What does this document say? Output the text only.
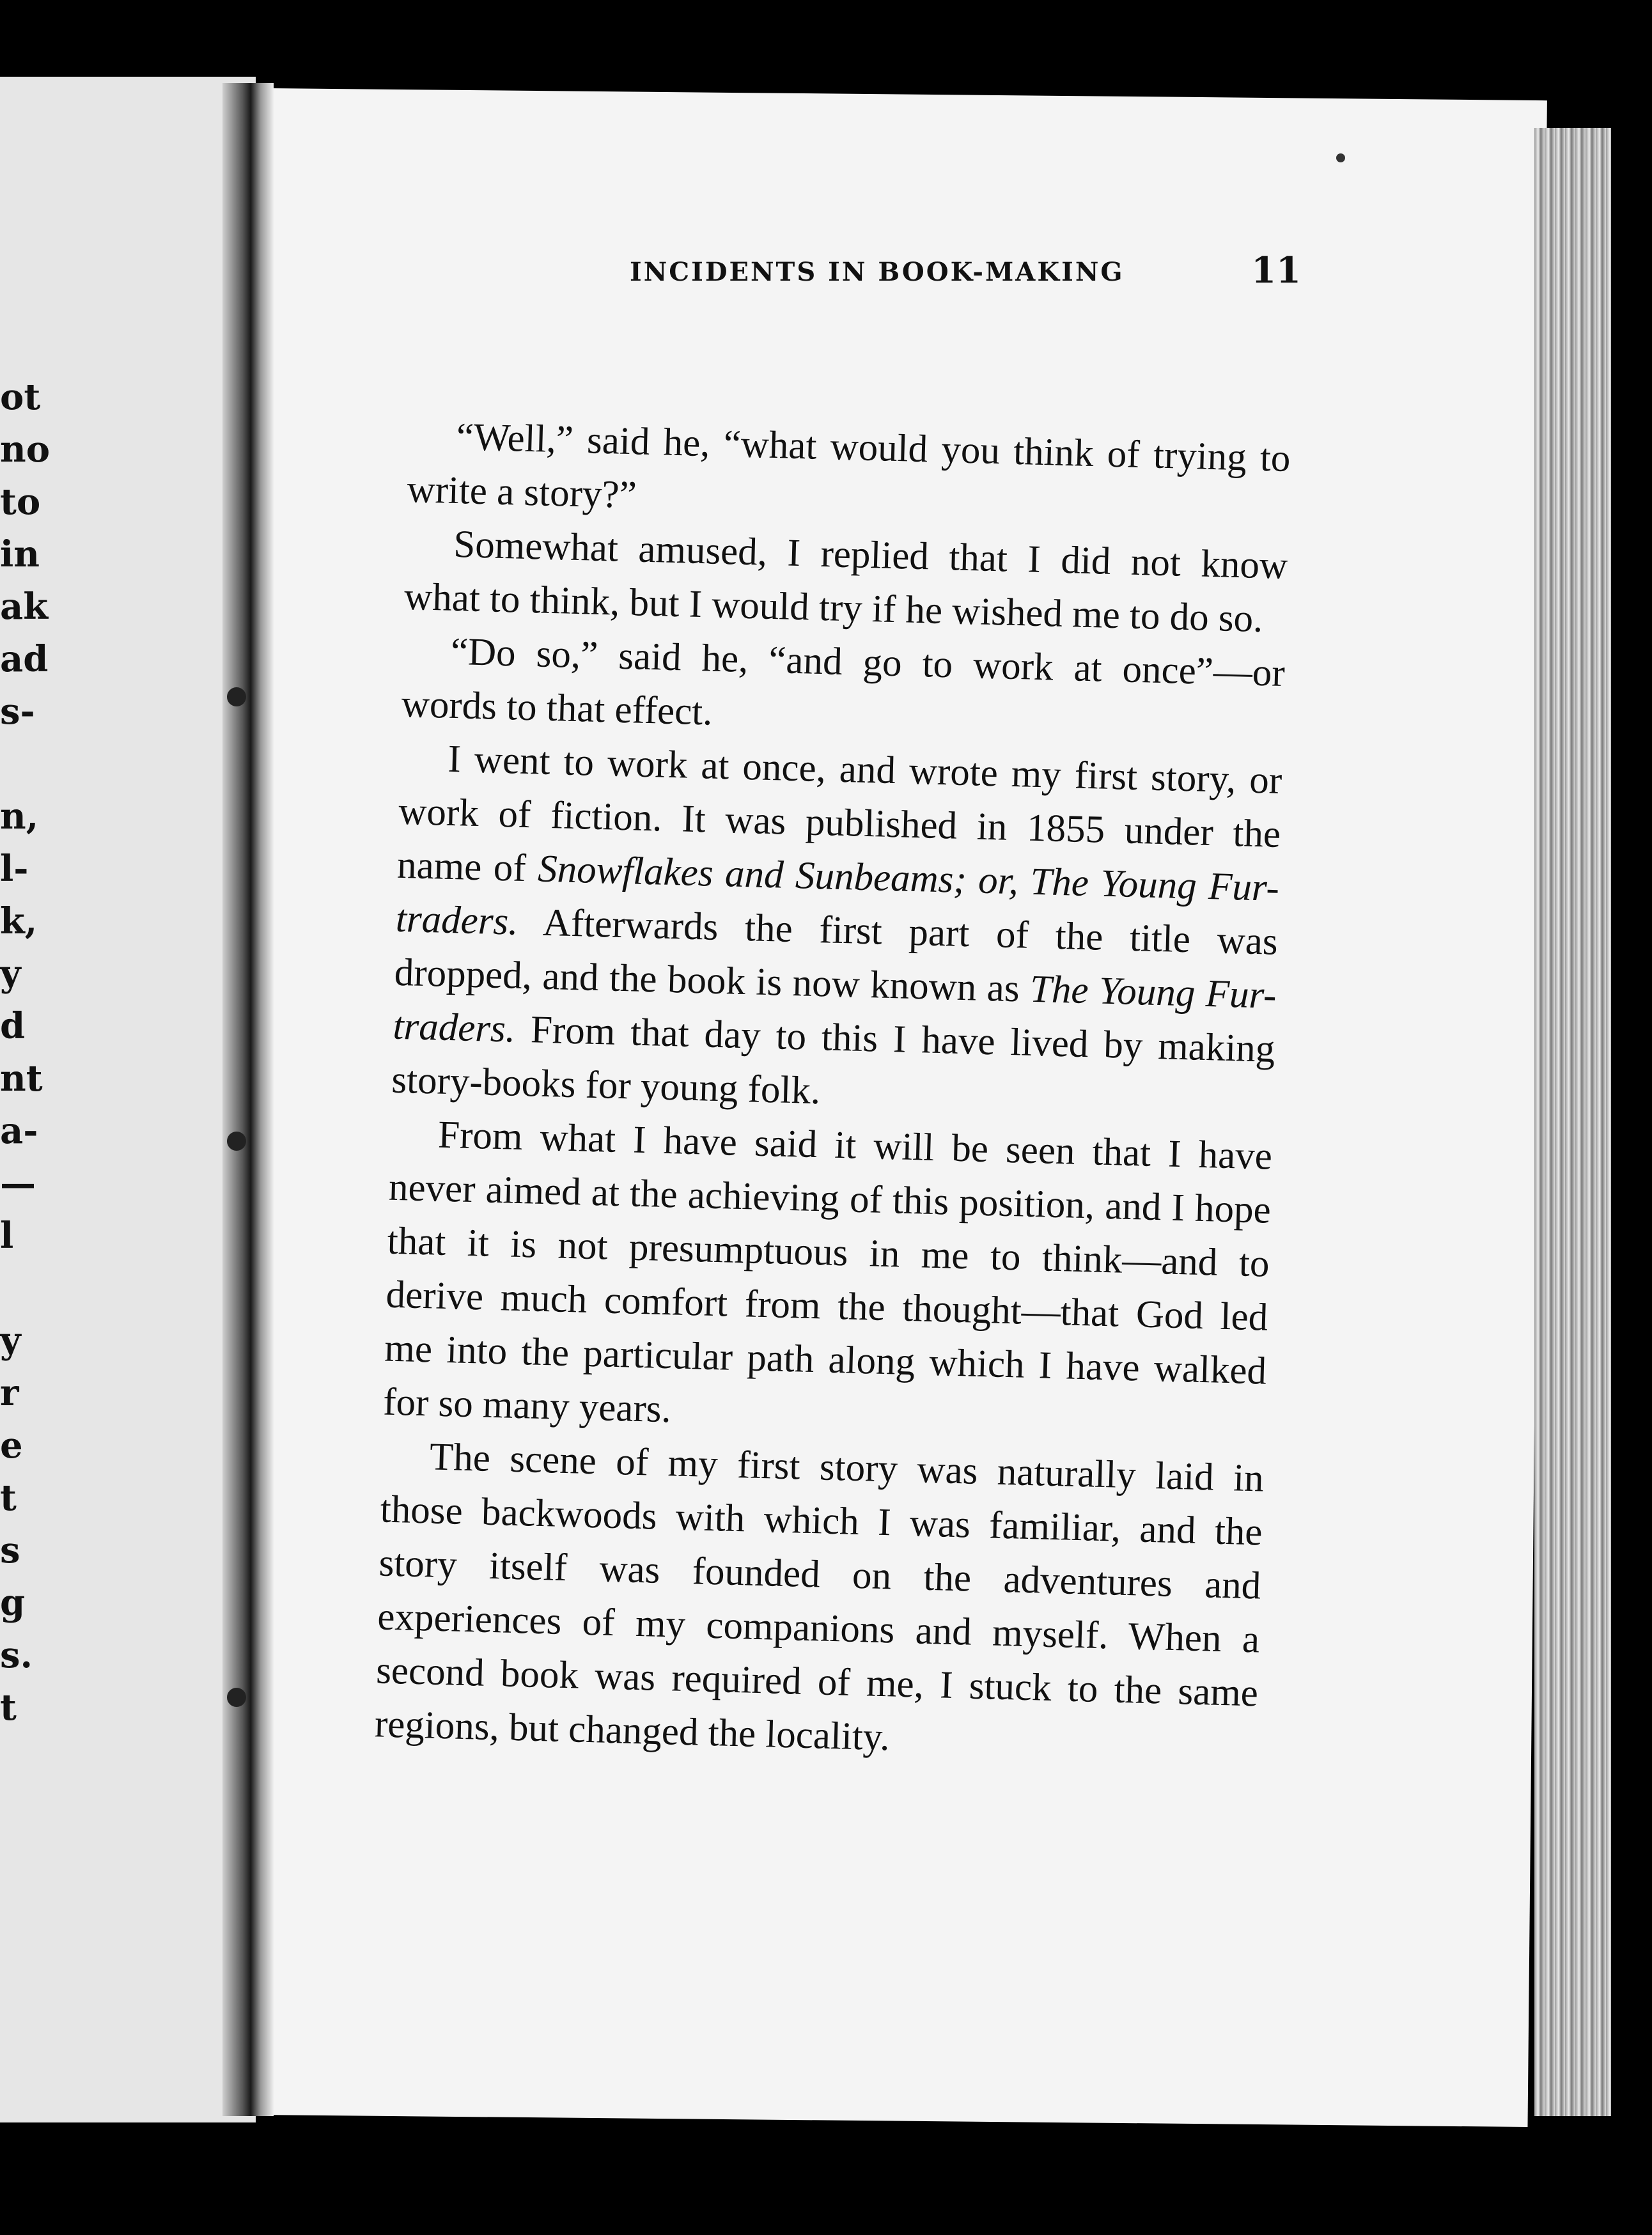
ot
no
to
in
ak
ad
s-
n,
l-
k,
y
d
nt
a-
—
l
y
r
e
t
s
g
s.
t
INCIDENTS IN BOOK-MAKING	11

“Well,” said he, “what would you think of trying to write a story?”

Somewhat amused, I replied that I did not know what to think, but I would try if he wished me to do so.

“Do so,” said he, “and go to work at once”—or words to that effect.

I went to work at once, and wrote my first story, or work of fiction. It was published in 1855 under the name of Snowflakes and Sunbeams; or, The Young Fur-traders. Afterwards the first part of the title was dropped, and the book is now known as The Young Fur-traders. From that day to this I have lived by making story-books for young folk.

From what I have said it will be seen that I have never aimed at the achieving of this position, and I hope that it is not presumptuous in me to think—and to derive much comfort from the thought—that God led me into the particular path along which I have walked for so many years.

The scene of my first story was naturally laid in those backwoods with which I was familiar, and the story itself was founded on the adventures and experiences of my companions and myself. When a second book was required of me, I stuck to the same regions, but changed the locality.
